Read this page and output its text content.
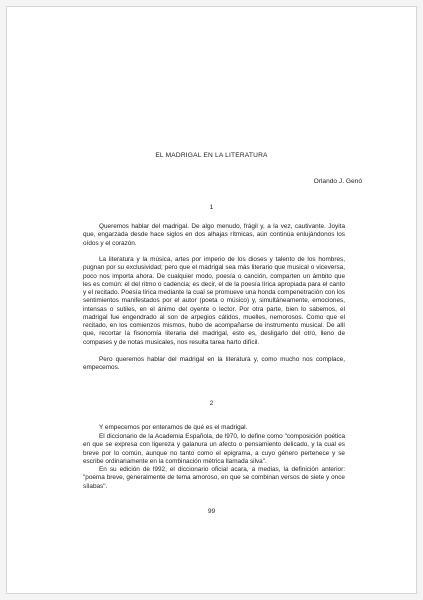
EL MADRIGAL EN LA LITERATURA
Orlando J. Genó
1

Queremos hablar del madrigal. De algo menudo, frágil y, a la vez, cautivante. Joyita que, engarzada desde hace siglos en dos alhajas rítmicas, aún continúa enlujándonos los oídos y el corazón.

La literatura y la música, artes por imperio de los dioses y talento de los hombres, pugnan por su exclusividad; pero que el madrigal sea más literario que musical o viceversa, poco nos importa ahora. De cualquier modo, poesía o canción, comparten un ámbito que les es común: el del ritmo o cadencia; es decir, el de la poesía lírica apropiada para el canto y el recitado. Poesía lírica mediante la cual se promueve una honda compenetración con los sentimientos manifestados por el autor (poeta o músico) y, simultáneamente, emociones, intensas o sutiles, en el ánimo del oyente o lector. Por otra parte, bien lo sabemos, el madrigal fue engendrado al son de arpegios cálidos, muelles, nemorosos. Como que el recitado, en los comienzos mismos, hubo de acompañarse de instrumento musical. De allí que, recortar la fisonomía literaria del madrigal, esto es, desligarlo del otro, lleno de compases y de notas musicales, nos resulta tarea harto difícil.

Pero queremos hablar del madrigal en la literatura y, como mucho nos complace, empecemos.

2

Y empecemos por enteramos de qué es el madrigal.

El diccionario de la Academia Española, de l970, lo define como "composición poética en que se expresa con ligereza y galanura un afecto o pensamiento delicado, y la cual es breve por lo común, aunque no tanto como el epigrama, a cuyo género pertenece y se escribe ordinariamente en la combinación métrica llamada silva".

En su edición de l992, el diccionario oficial acara, a medias, la definición anterior: "poema breve, generalmente de tema amoroso, en que se combinan versos de siete y once sílabas".

99
